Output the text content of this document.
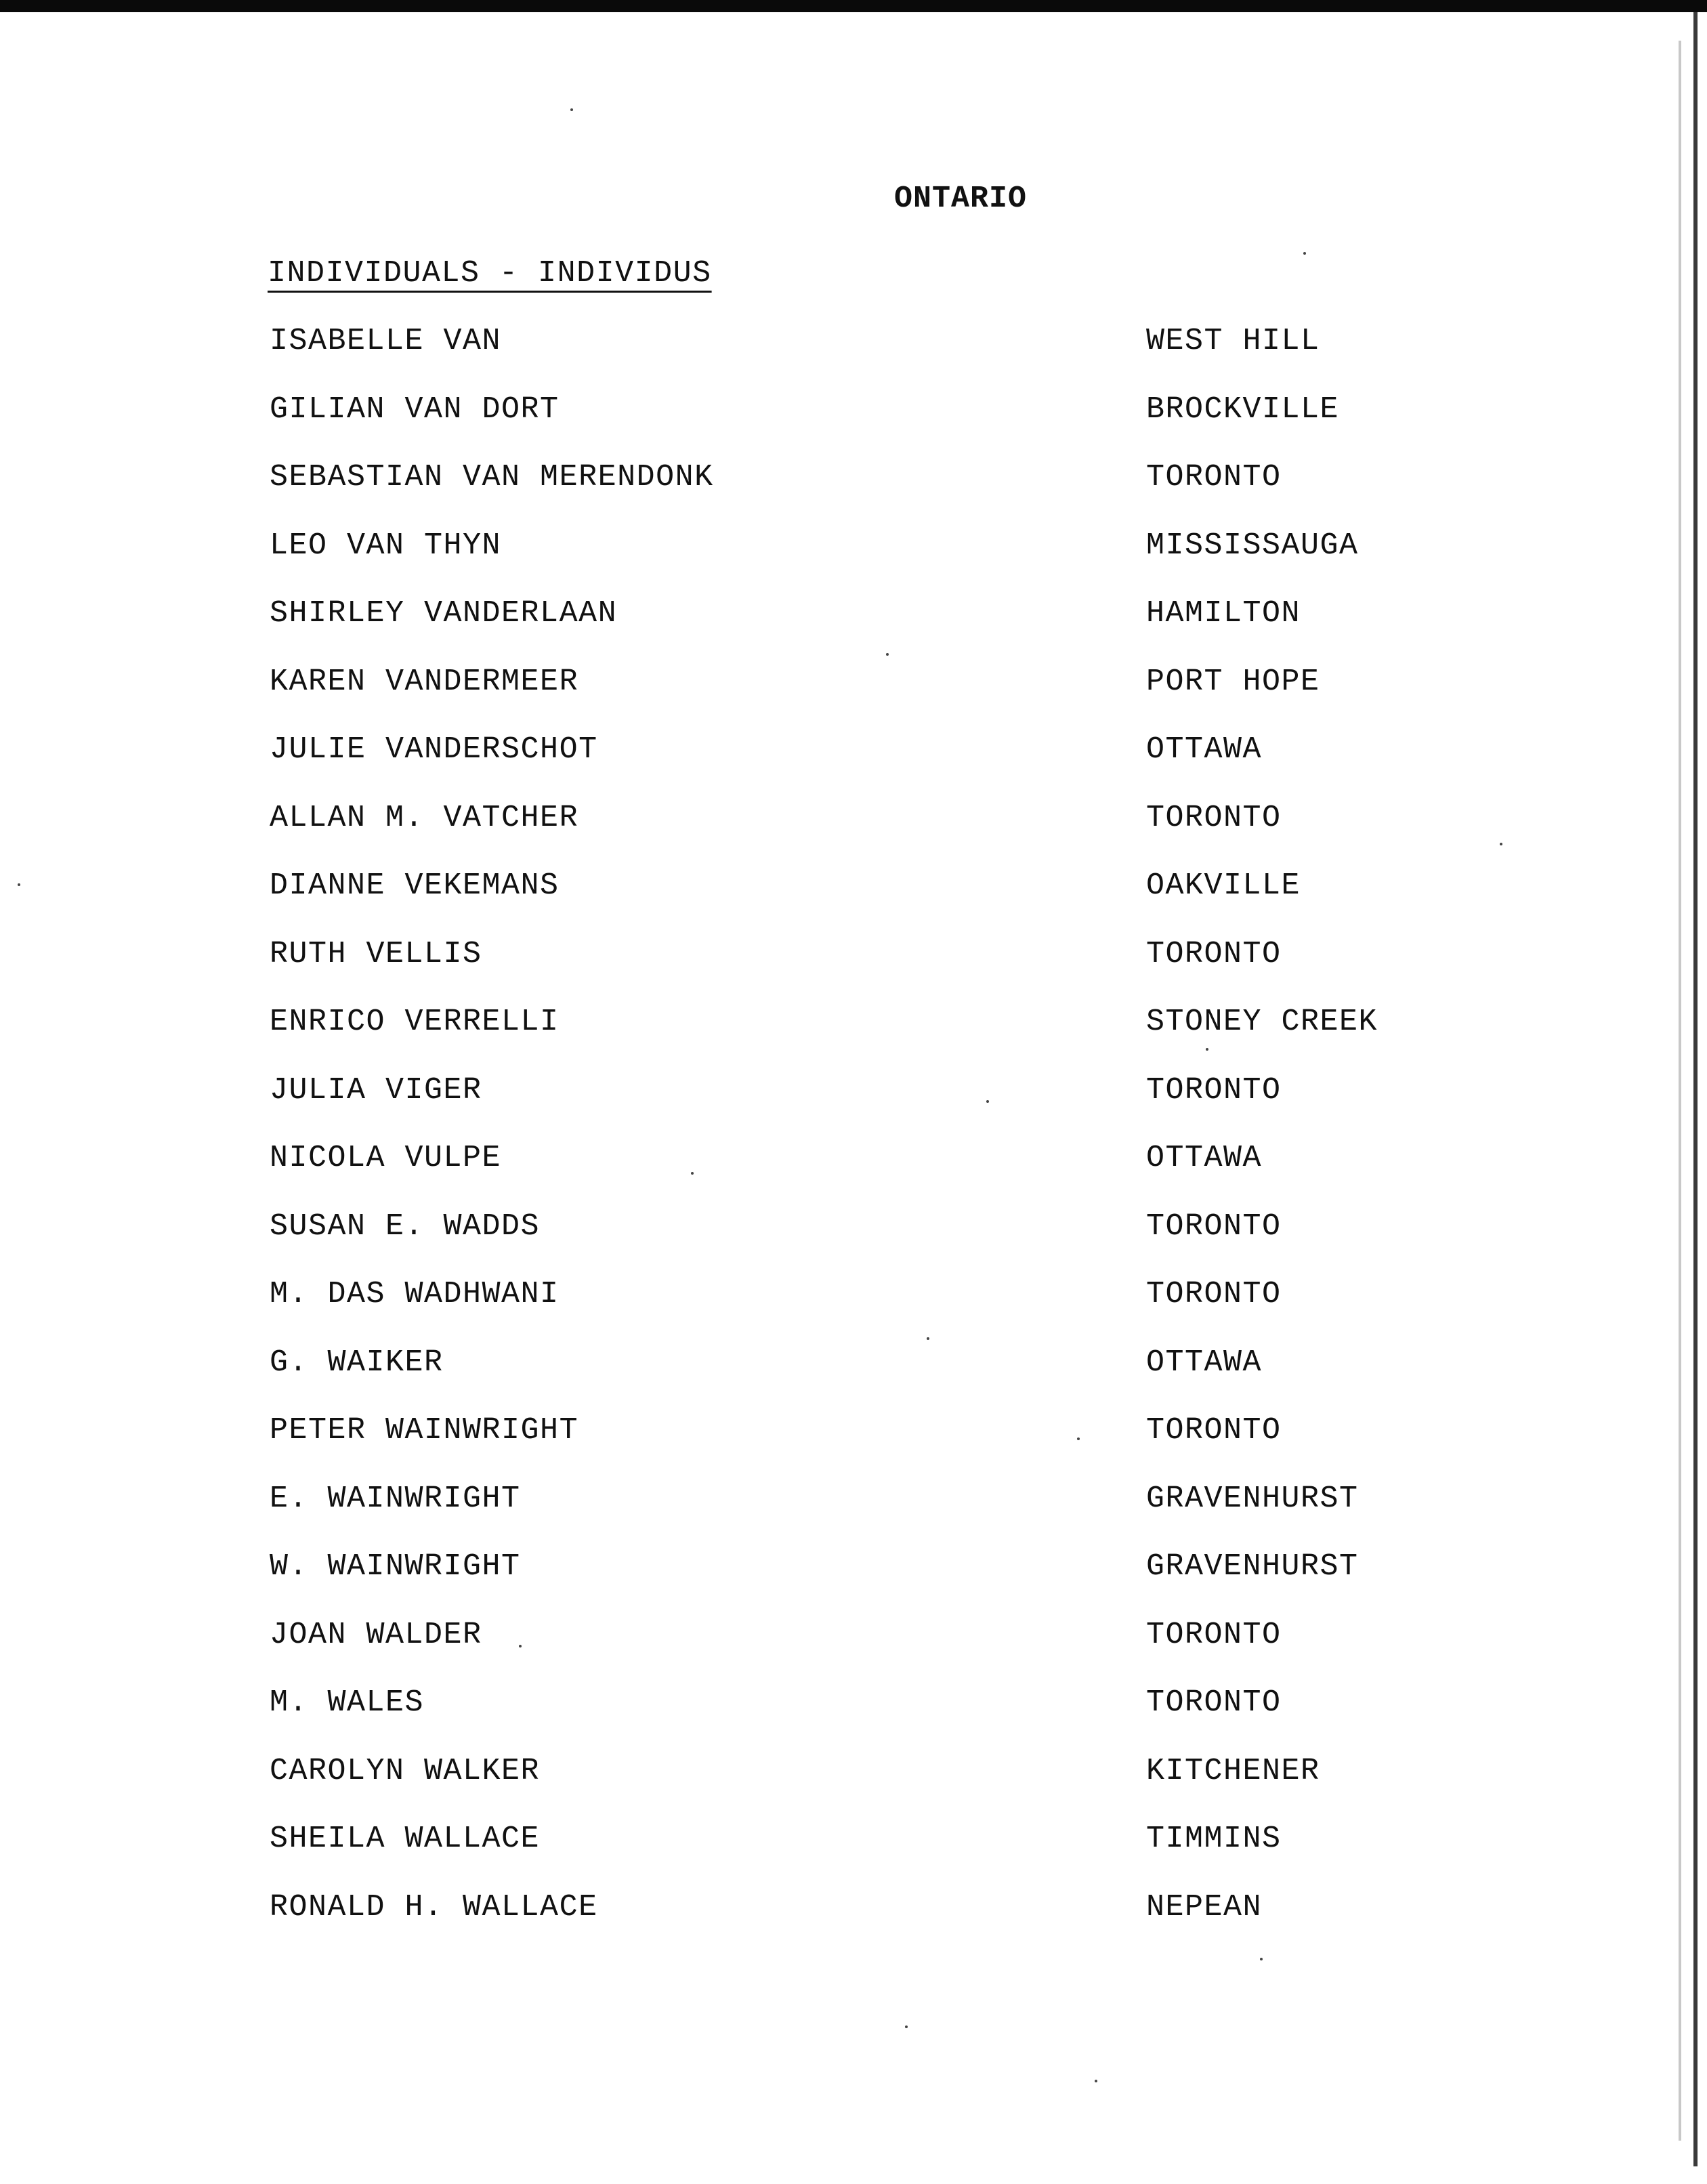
ONTARIO
INDIVIDUALS - INDIVIDUS
ISABELLE VAN	WEST HILL
GILIAN VAN DORT	BROCKVILLE
SEBASTIAN VAN MERENDONK	TORONTO
LEO VAN THYN	MISSISSAUGA
SHIRLEY VANDERLAAN	HAMILTON
KAREN VANDERMEER	PORT HOPE
JULIE VANDERSCHOT	OTTAWA
ALLAN M. VATCHER	TORONTO
DIANNE VEKEMANS	OAKVILLE
RUTH VELLIS	TORONTO
ENRICO VERRELLI	STONEY CREEK
JULIA VIGER	TORONTO
NICOLA VULPE	OTTAWA
SUSAN E. WADDS	TORONTO
M. DAS WADHWANI	TORONTO
G. WAIKER	OTTAWA
PETER WAINWRIGHT	TORONTO
E. WAINWRIGHT	GRAVENHURST
W. WAINWRIGHT	GRAVENHURST
JOAN WALDER	TORONTO
M. WALES	TORONTO
CAROLYN WALKER	KITCHENER
SHEILA WALLACE	TIMMINS
RONALD H. WALLACE	NEPEAN
